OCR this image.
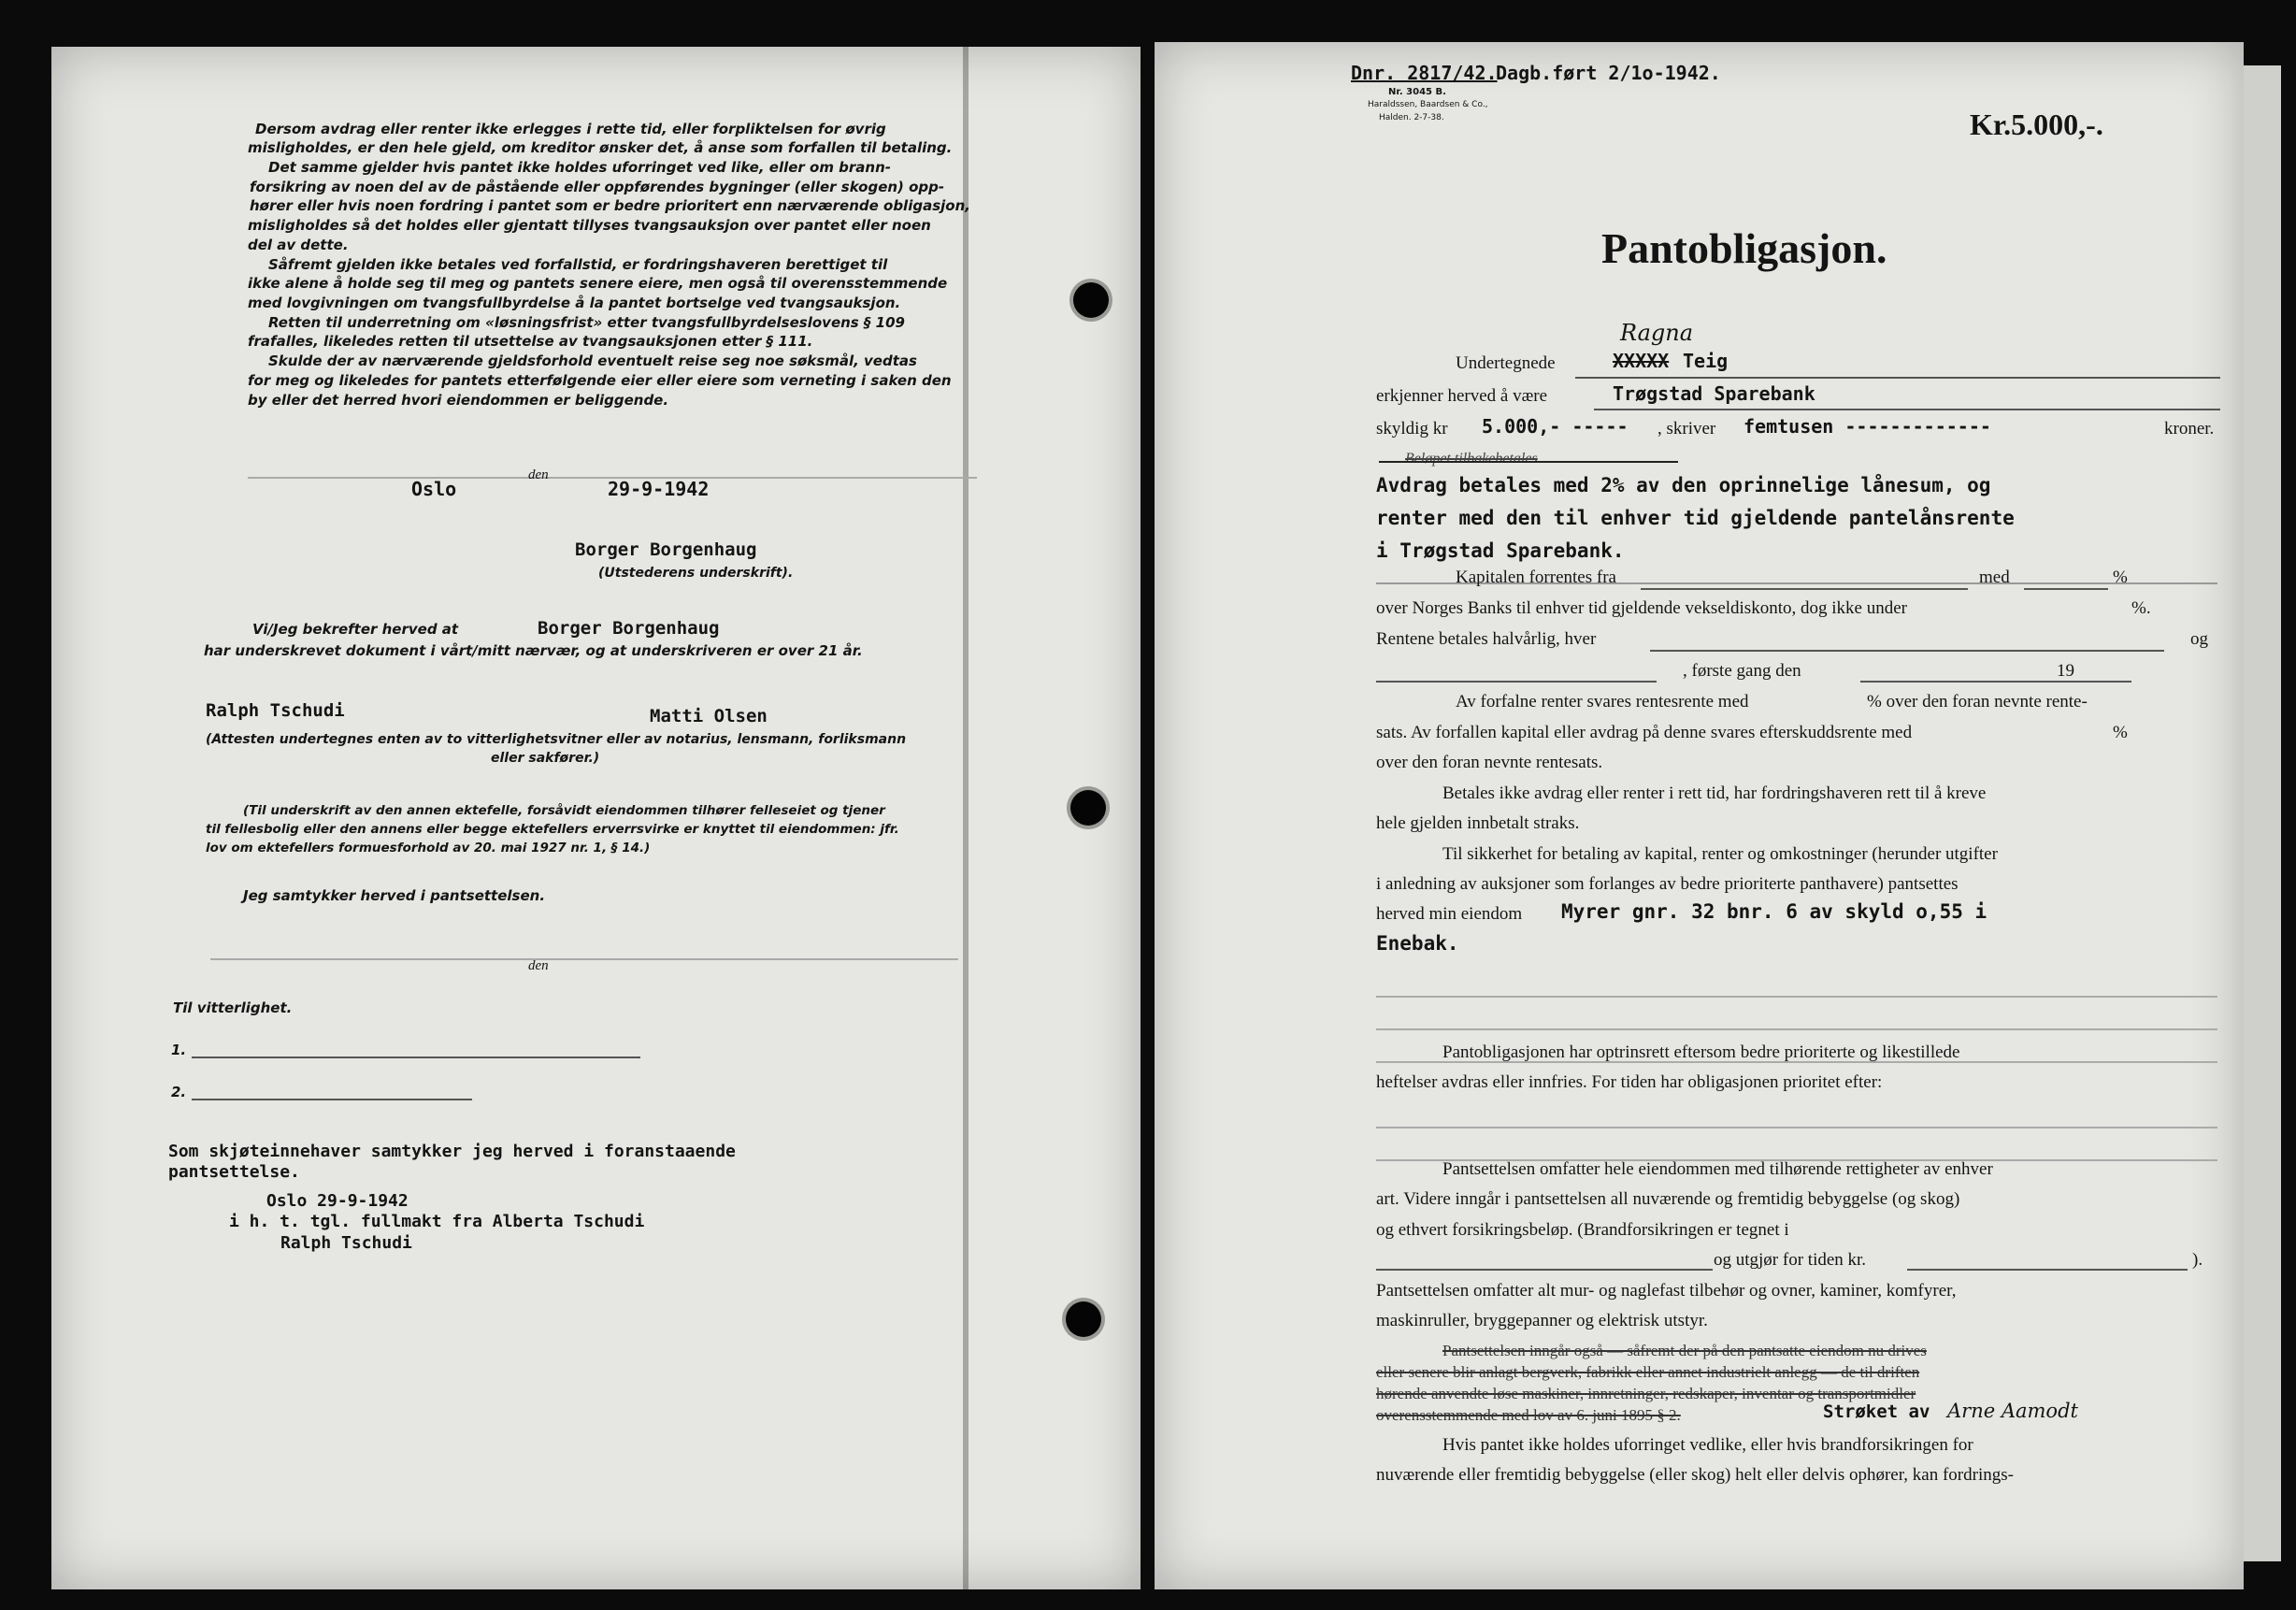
Dersom avdrag eller renter ikke erlegges i rette tid, eller forpliktelsen for øvrig
misligholdes, er den hele gjeld, om kreditor ønsker det, å anse som forfallen til betaling.
Det samme gjelder hvis pantet ikke holdes uforringet ved like, eller om brann-
forsikring av noen del av de påstående eller oppførendes bygninger (eller skogen) opp-
hører eller hvis noen fordring i pantet som er bedre prioritert enn nærværende obligasjon,
misligholdes så det holdes eller gjentatt tillyses tvangsauksjon over pantet eller noen
del av dette.
Såfremt gjelden ikke betales ved forfallstid, er fordringshaveren berettiget til
ikke alene å holde seg til meg og pantets senere eiere, men også til overensstemmende
med lovgivningen om tvangsfullbyrdelse å la pantet bortselge ved tvangsauksjon.
Retten til underretning om «løsningsfrist» etter tvangsfullbyrdelseslovens § 109
frafalles, likeledes retten til utsettelse av tvangsauksjonen etter § 111.
Skulde der av nærværende gjeldsforhold eventuelt reise seg noe søksmål, vedtas
for meg og likeledes for pantets etterfølgende eier eller eiere som verneting i saken den
by eller det herred hvori eiendommen er beliggende.
Oslo
den
29-9-1942
Borger Borgenhaug
(Utstederens underskrift).
Vi/Jeg bekrefter herved at	Borger Borgenhaug
har underskrevet dokument i vårt/mitt nærvær, og at underskriveren er over 21 år.
Ralph Tschudi	Matti Olsen
(Attesten undertegnes enten av to vitterlighetsvitner eller av notarius, lensmann, forliksmann
eller sakfører.)
(Til underskrift av den annen ektefelle, forsåvidt eiendommen tilhører felleseiet og tjener
til fellesbolig eller den annens eller begge ektefellers erverrsvirke er knyttet til eiendommen: jfr.
lov om ektefellers formuesforhold av 20. mai 1927 nr. 1, § 14.)
Jeg samtykker herved i pantsettelsen.
den
Til vitterlighet.
1.
2.
Som skjøteinnehaver samtykker jeg herved i foranstaaende
pantsettelse.
Oslo 29-9-1942
i h. t. tgl. fullmakt fra Alberta Tschudi
Ralph Tschudi
Dnr. 2817/42.
Dagb.ført 2/1o-1942.
Nr. 3045 B.
Haraldssen, Baardsen & Co.,
Halden. 2-7-38.	Kr.5.000,-.
Pantobligasjon.
Ragna
Undertegnede	XXXXX Teig
erkjenner herved å være	Trøgstad Sparebank
skyldig kr 5.000,- ----- , skriver femtusen -------------	kroner.
Beløpet tilbakebetales
Avdrag betales med 2% av den oprinnelige lånesum, og
renter med den til enhver tid gjeldende pantelånsrente
i Trøgstad Sparebank.
Kapitalen forrentes fra	med	%
over Norges Banks til enhver tid gjeldende vekseldiskonto, dog ikke under	%.
Rentene betales halvårlig, hver	og
, første gang den	19
Av forfalne renter svares rentesrente med	% over den foran nevnte rente-
sats. Av forfallen kapital eller avdrag på denne svares efterskuddsrente med	%
over den foran nevnte rentesats.
Betales ikke avdrag eller renter i rett tid, har fordringshaveren rett til å kreve
hele gjelden innbetalt straks.
Til sikkerhet for betaling av kapital, renter og omkostninger (herunder utgifter
i anledning av auksjoner som forlanges av bedre prioriterte panthavere) pantsettes
herved min eiendom Myrer gnr. 32 bnr. 6 av skyld o,55 i
Enebak.
Pantobligasjonen har optrinsrett eftersom bedre prioriterte og likestillede
heftelser avdras eller innfries. For tiden har obligasjonen prioritet efter:
Pantsettelsen omfatter hele eiendommen med tilhørende rettigheter av enhver
art. Videre inngår i pantsettelsen all nuværende og fremtidig bebyggelse (og skog)
og ethvert forsikringsbeløp. (Brandforsikringen er tegnet i
og utgjør for tiden kr.	).
Pantsettelsen omfatter alt mur- og naglefast tilbehør og ovner, kaminer, komfyrer,
maskinruller, bryggepanner og elektrisk utstyr.
Pantsettelsen inngår også — såfremt der på den pantsatte eiendom nu drives
eller senere blir anlagt bergverk, fabrikk eller annet industrielt anlegg — de til driften
hørende anvendte løse maskiner, innretninger, redskaper, inventar og transportmidler
overensstemmende med lov av 6. juni 1895 § 2.	Strøket av Arne Aamodt
Hvis pantet ikke holdes uforringet vedlike, eller hvis brandforsikringen for
nuværende eller fremtidig bebyggelse (eller skog) helt eller delvis ophører, kan fordrings-
